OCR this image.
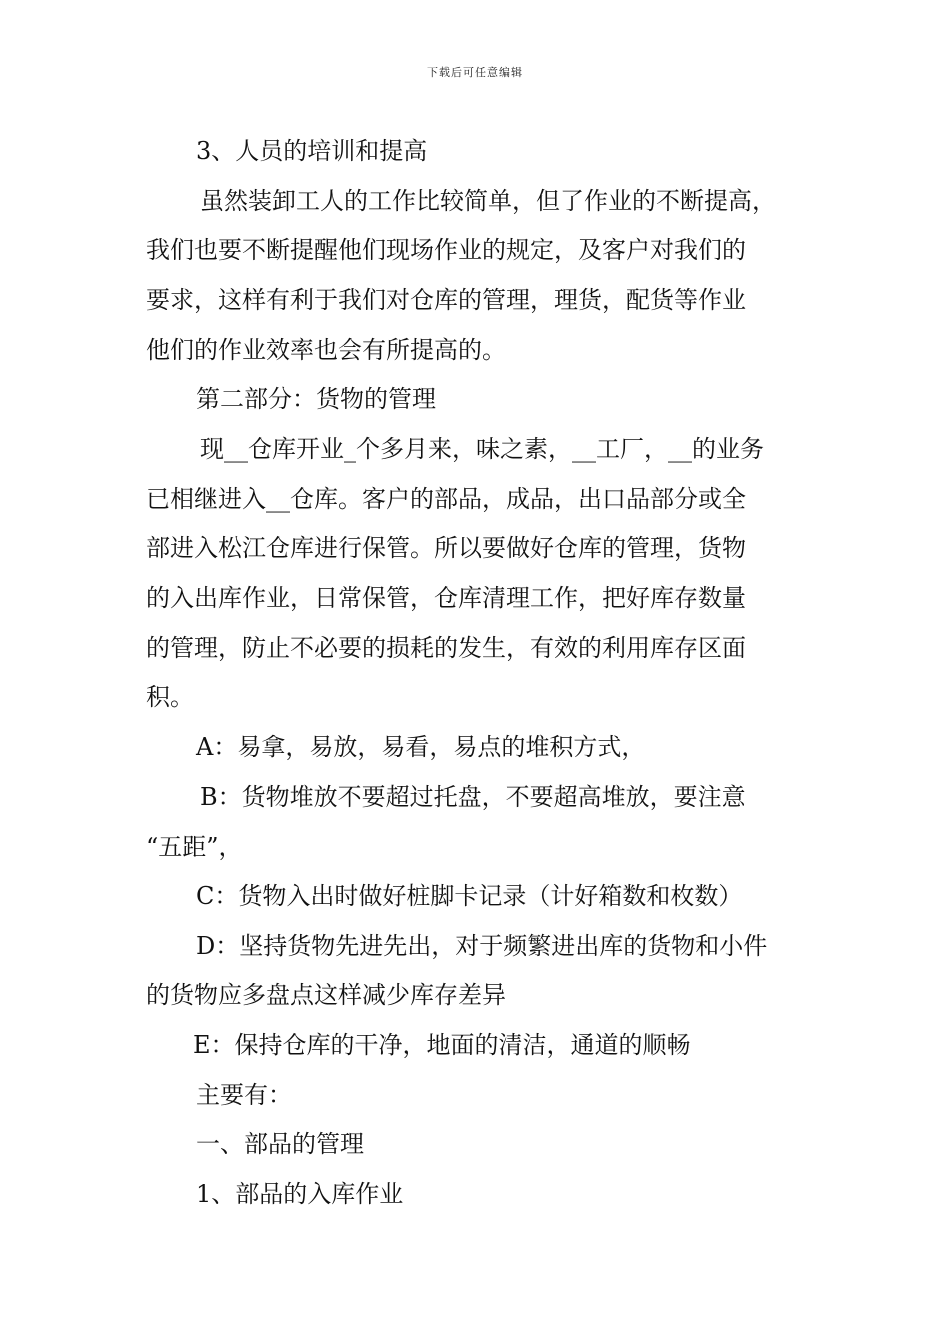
下载后可任意编辑
3、人员的培训和提高
虽然装卸工人的工作比较简单，但了作业的不断提高，
我们也要不断提醒他们现场作业的规定，及客户对我们的
要求，这样有利于我们对仓库的管理，理货，配货等作业
他们的作业效率也会有所提高的。
第二部分：货物的管理
现__仓库开业_个多月来，味之素，__工厂，__的业务
已相继进入__仓库。客户的部品，成品，出口品部分或全
部进入松江仓库进行保管。所以要做好仓库的管理，货物
的入出库作业，日常保管，仓库清理工作，把好库存数量
的管理，防止不必要的损耗的发生，有效的利用库存区面
积。
A：易拿，易放，易看，易点的堆积方式，
B：货物堆放不要超过托盘，不要超高堆放，要注意
“五距”，
C：货物入出时做好桩脚卡记录（计好箱数和枚数）
D：坚持货物先进先出，对于频繁进出库的货物和小件
的货物应多盘点这样减少库存差异
E：保持仓库的干净，地面的清洁，通道的顺畅
主要有：
一、部品的管理
1、部品的入库作业
